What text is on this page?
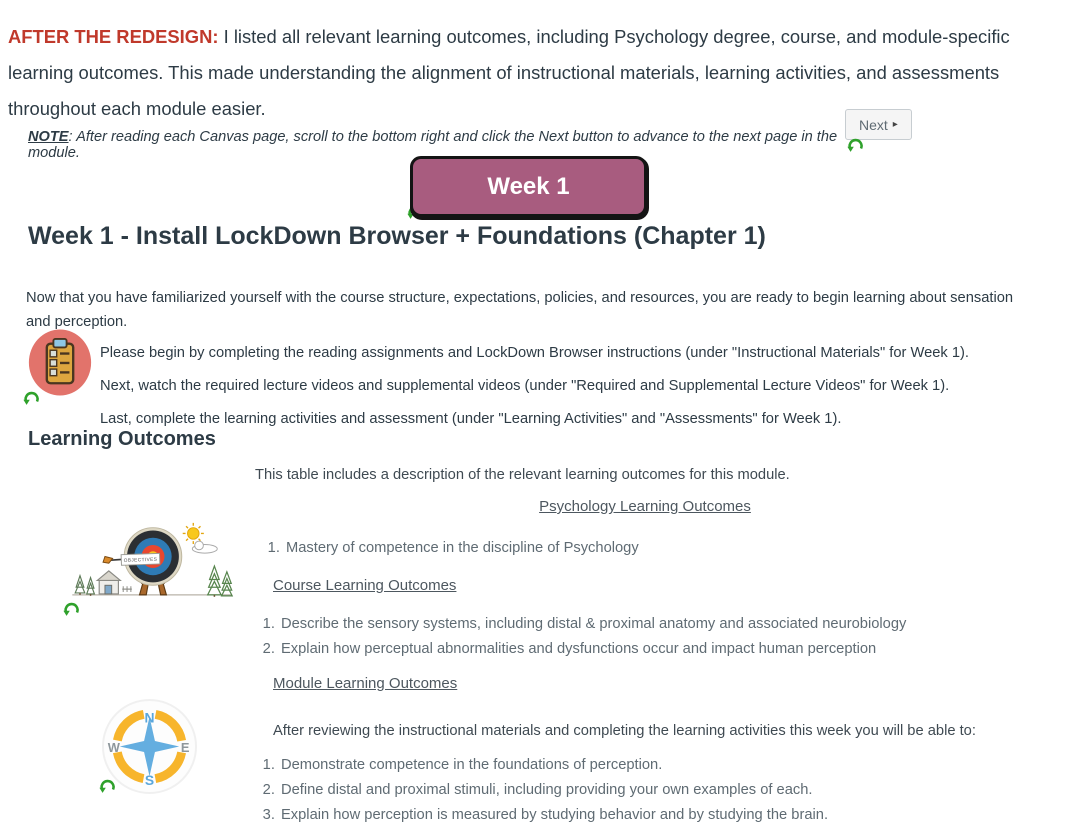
AFTER THE REDESIGN: I listed all relevant learning outcomes, including Psychology degree, course, and module-specific learning outcomes. This made understanding the alignment of instructional materials, learning activities, and assessments throughout each module easier.

NOTE: After reading each Canvas page, scroll to the bottom right and click the Next button to advance to the next page in the module.

Next ▸
Week 1
Week 1 - Install LockDown Browser + Foundations (Chapter 1)

Now that you have familiarized yourself with the course structure, expectations, policies, and resources, you are ready to begin learning about sensation and perception.

Please begin by completing the reading assignments and LockDown Browser instructions (under "Instructional Materials" for Week 1).

Next, watch the required lecture videos and supplemental videos (under "Required and Supplemental Lecture Videos" for Week 1).

Last, complete the learning activities and assessment (under "Learning Activities" and "Assessments" for Week 1).

Learning Outcomes
This table includes a description of the relevant learning outcomes for this module.
Psychology Learning Outcomes
1. Mastery of competence in the discipline of Psychology
OBJECTIVES
Course Learning Outcomes
1. Describe the sensory systems, including distal & proximal anatomy and associated neurobiology
2. Explain how perceptual abnormalities and dysfunctions occur and impact human perception
Module Learning Outcomes

After reviewing the instructional materials and completing the learning activities this week you will be able to:

N
E
S
W
1. Demonstrate competence in the foundations of perception.
2. Define distal and proximal stimuli, including providing your own examples of each.
3. Explain how perception is measured by studying behavior and by studying the brain.
